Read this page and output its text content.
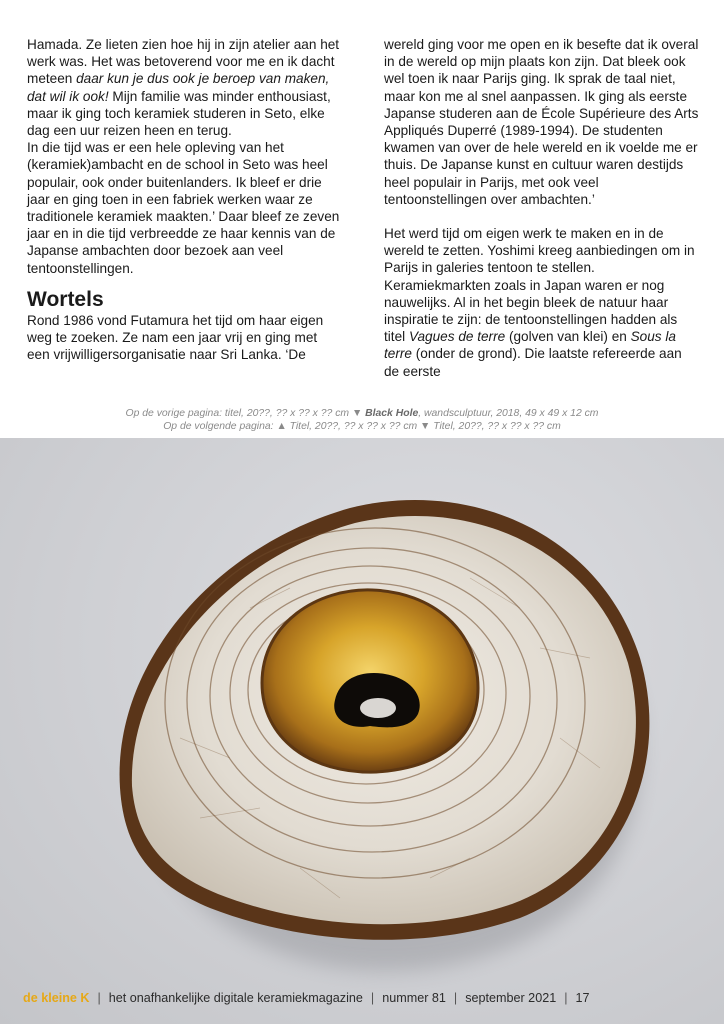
Hamada. Ze lieten zien hoe hij in zijn atelier aan het werk was. Het was betoverend voor me en ik dacht meteen daar kun je dus ook je beroep van maken, dat wil ik ook! Mijn familie was minder enthousiast, maar ik ging toch keramiek studeren in Seto, elke dag een uur reizen heen en terug.

In die tijd was er een hele opleving van het (keramiek)ambacht en de school in Seto was heel populair, ook onder buitenlanders. Ik bleef er drie jaar en ging toen in een fabriek werken waar ze traditionele keramiek maakten.’ Daar bleef ze zeven jaar en in die tijd verbreedde ze haar kennis van de Japanse ambachten door bezoek aan veel tentoonstellingen.

Wortels

Rond 1986 vond Futamura het tijd om haar eigen weg te zoeken. Ze nam een jaar vrij en ging met een vrijwilligersorganisatie naar Sri Lanka. ‘De

wereld ging voor me open en ik besefte dat ik overal in de wereld op mijn plaats kon zijn. Dat bleek ook wel toen ik naar Parijs ging. Ik sprak de taal niet, maar kon me al snel aanpassen. Ik ging als eerste Japanse studeren aan de École Supérieure des Arts Appliqués Duperré (1989-1994). De studenten kwamen van over de hele wereld en ik voelde me er thuis. De Japanse kunst en cultuur waren destijds heel populair in Parijs, met ook veel tentoonstellingen over ambachten.’

Het werd tijd om eigen werk te maken en in de wereld te zetten. Yoshimi kreeg aanbiedingen om in Parijs in galeries tentoon te stellen. Keramiekmarkten zoals in Japan waren er nog nauwelijks. Al in het begin bleek de natuur haar inspiratie te zijn: de tentoonstellingen hadden als titel Vagues de terre (golven van klei) en Sous la terre (onder de grond). Die laatste refereerde aan de eerste

Op de vorige pagina: titel, 20??, ?? x ?? x ?? cm ▼ Black Hole, wandsculptuur, 2018, 49 x 49 x 12 cm
Op de volgende pagina: ▲ Titel, 20??, ?? x ?? x ?? cm ▼ Titel, 20??, ?? x ?? x ?? cm
de kleine K | het onafhankelijke digitale keramiekmagazine | nummer 81 | september 2021 | 17
